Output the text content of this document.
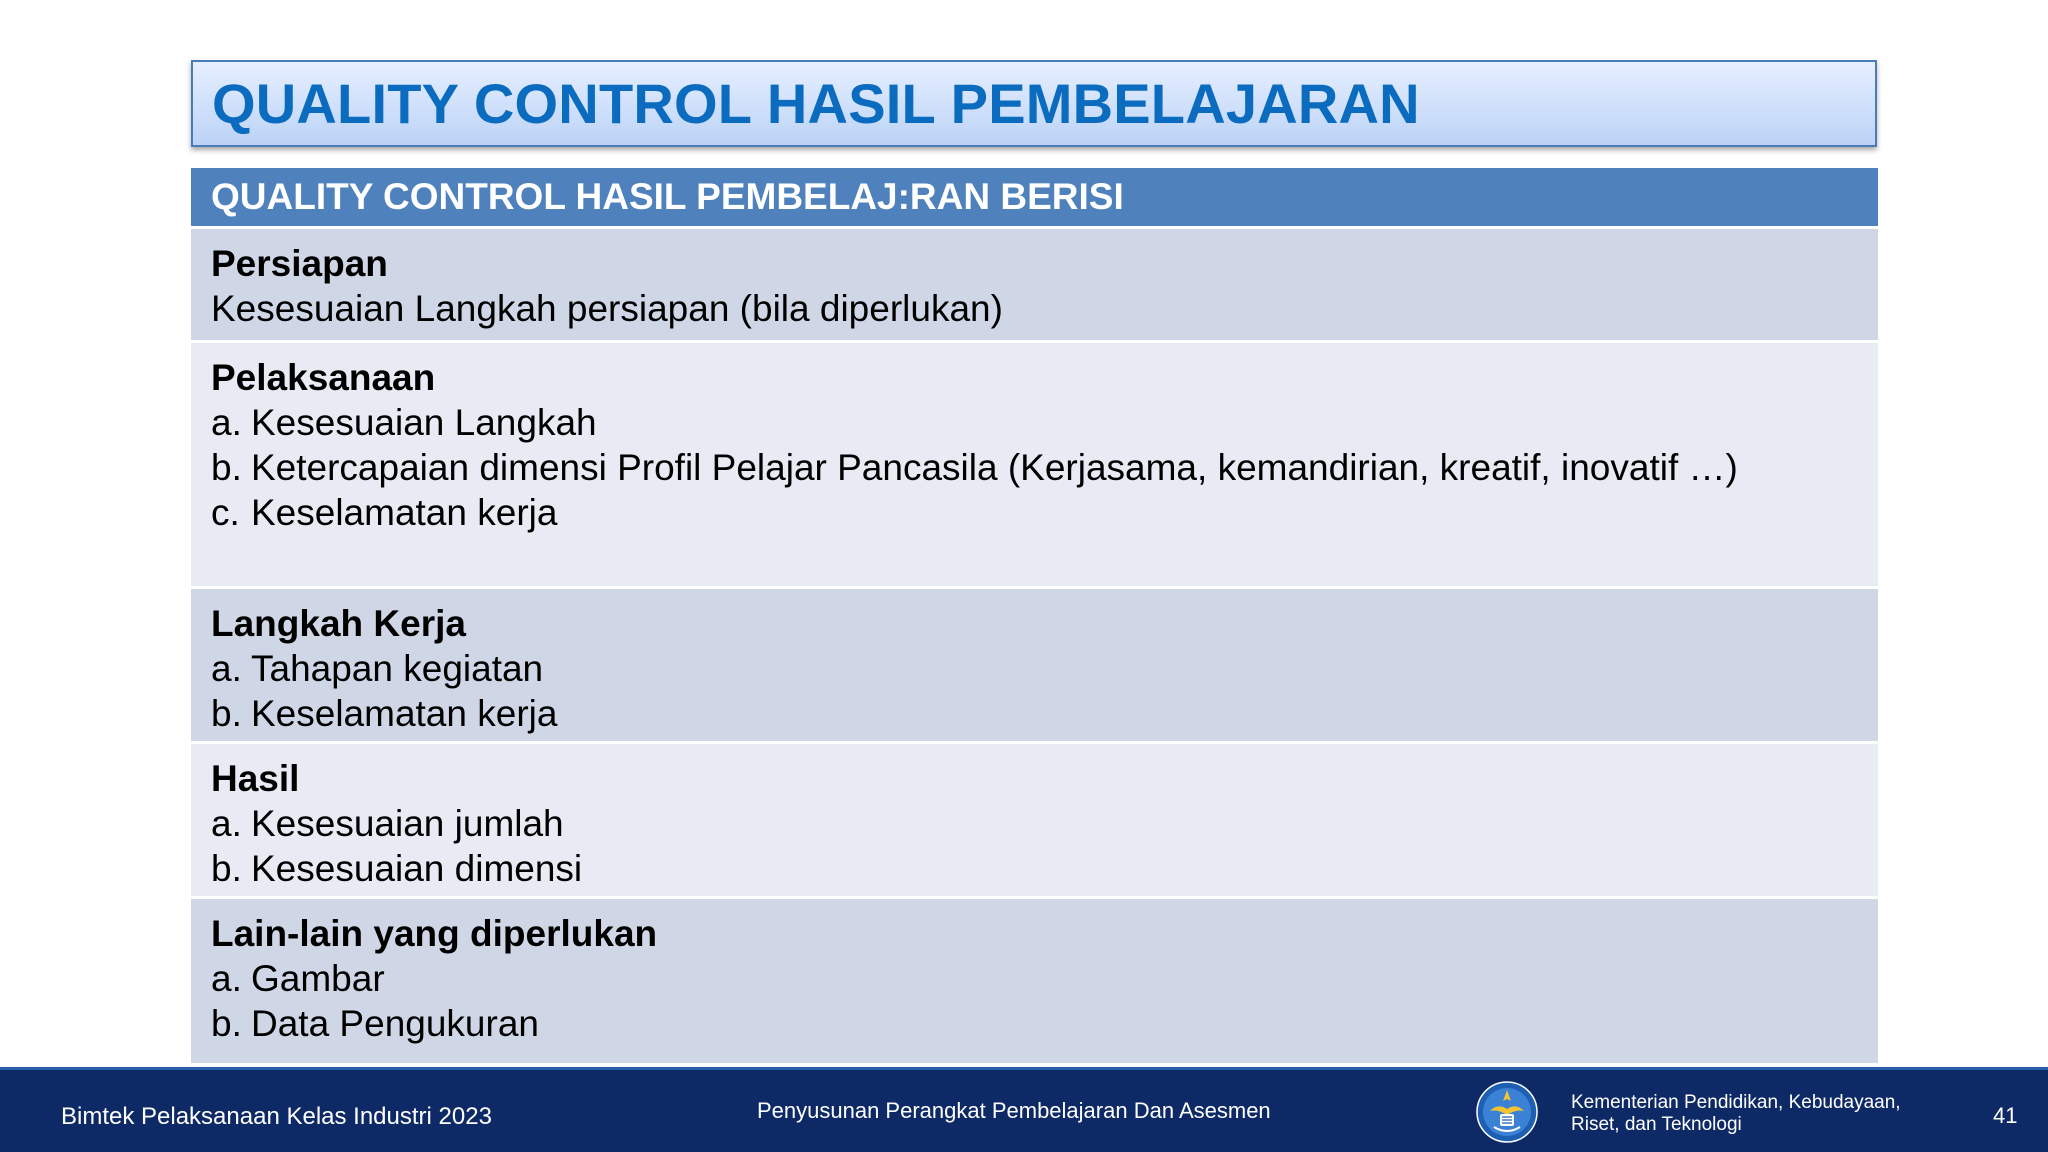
QUALITY CONTROL HASIL PEMBELAJARAN
QUALITY CONTROL HASIL PEMBELAJ:RAN BERISI
Persiapan
Kesesuaian Langkah persiapan (bila diperlukan)
Pelaksanaan
a. Kesesuaian Langkah
b. Ketercapaian dimensi Profil Pelajar Pancasila (Kerjasama, kemandirian, kreatif, inovatif …)
c. Keselamatan kerja
Langkah Kerja
a. Tahapan kegiatan
b. Keselamatan kerja
Hasil
a. Kesesuaian jumlah
b. Kesesuaian dimensi
Lain-lain yang diperlukan
a. Gambar
b. Data Pengukuran
Bimtek Pelaksanaan Kelas Industri 2023	Penyusunan Perangkat Pembelajaran Dan Asesmen	Kementerian Pendidikan, Kebudayaan,
Riset, dan Teknologi	41
